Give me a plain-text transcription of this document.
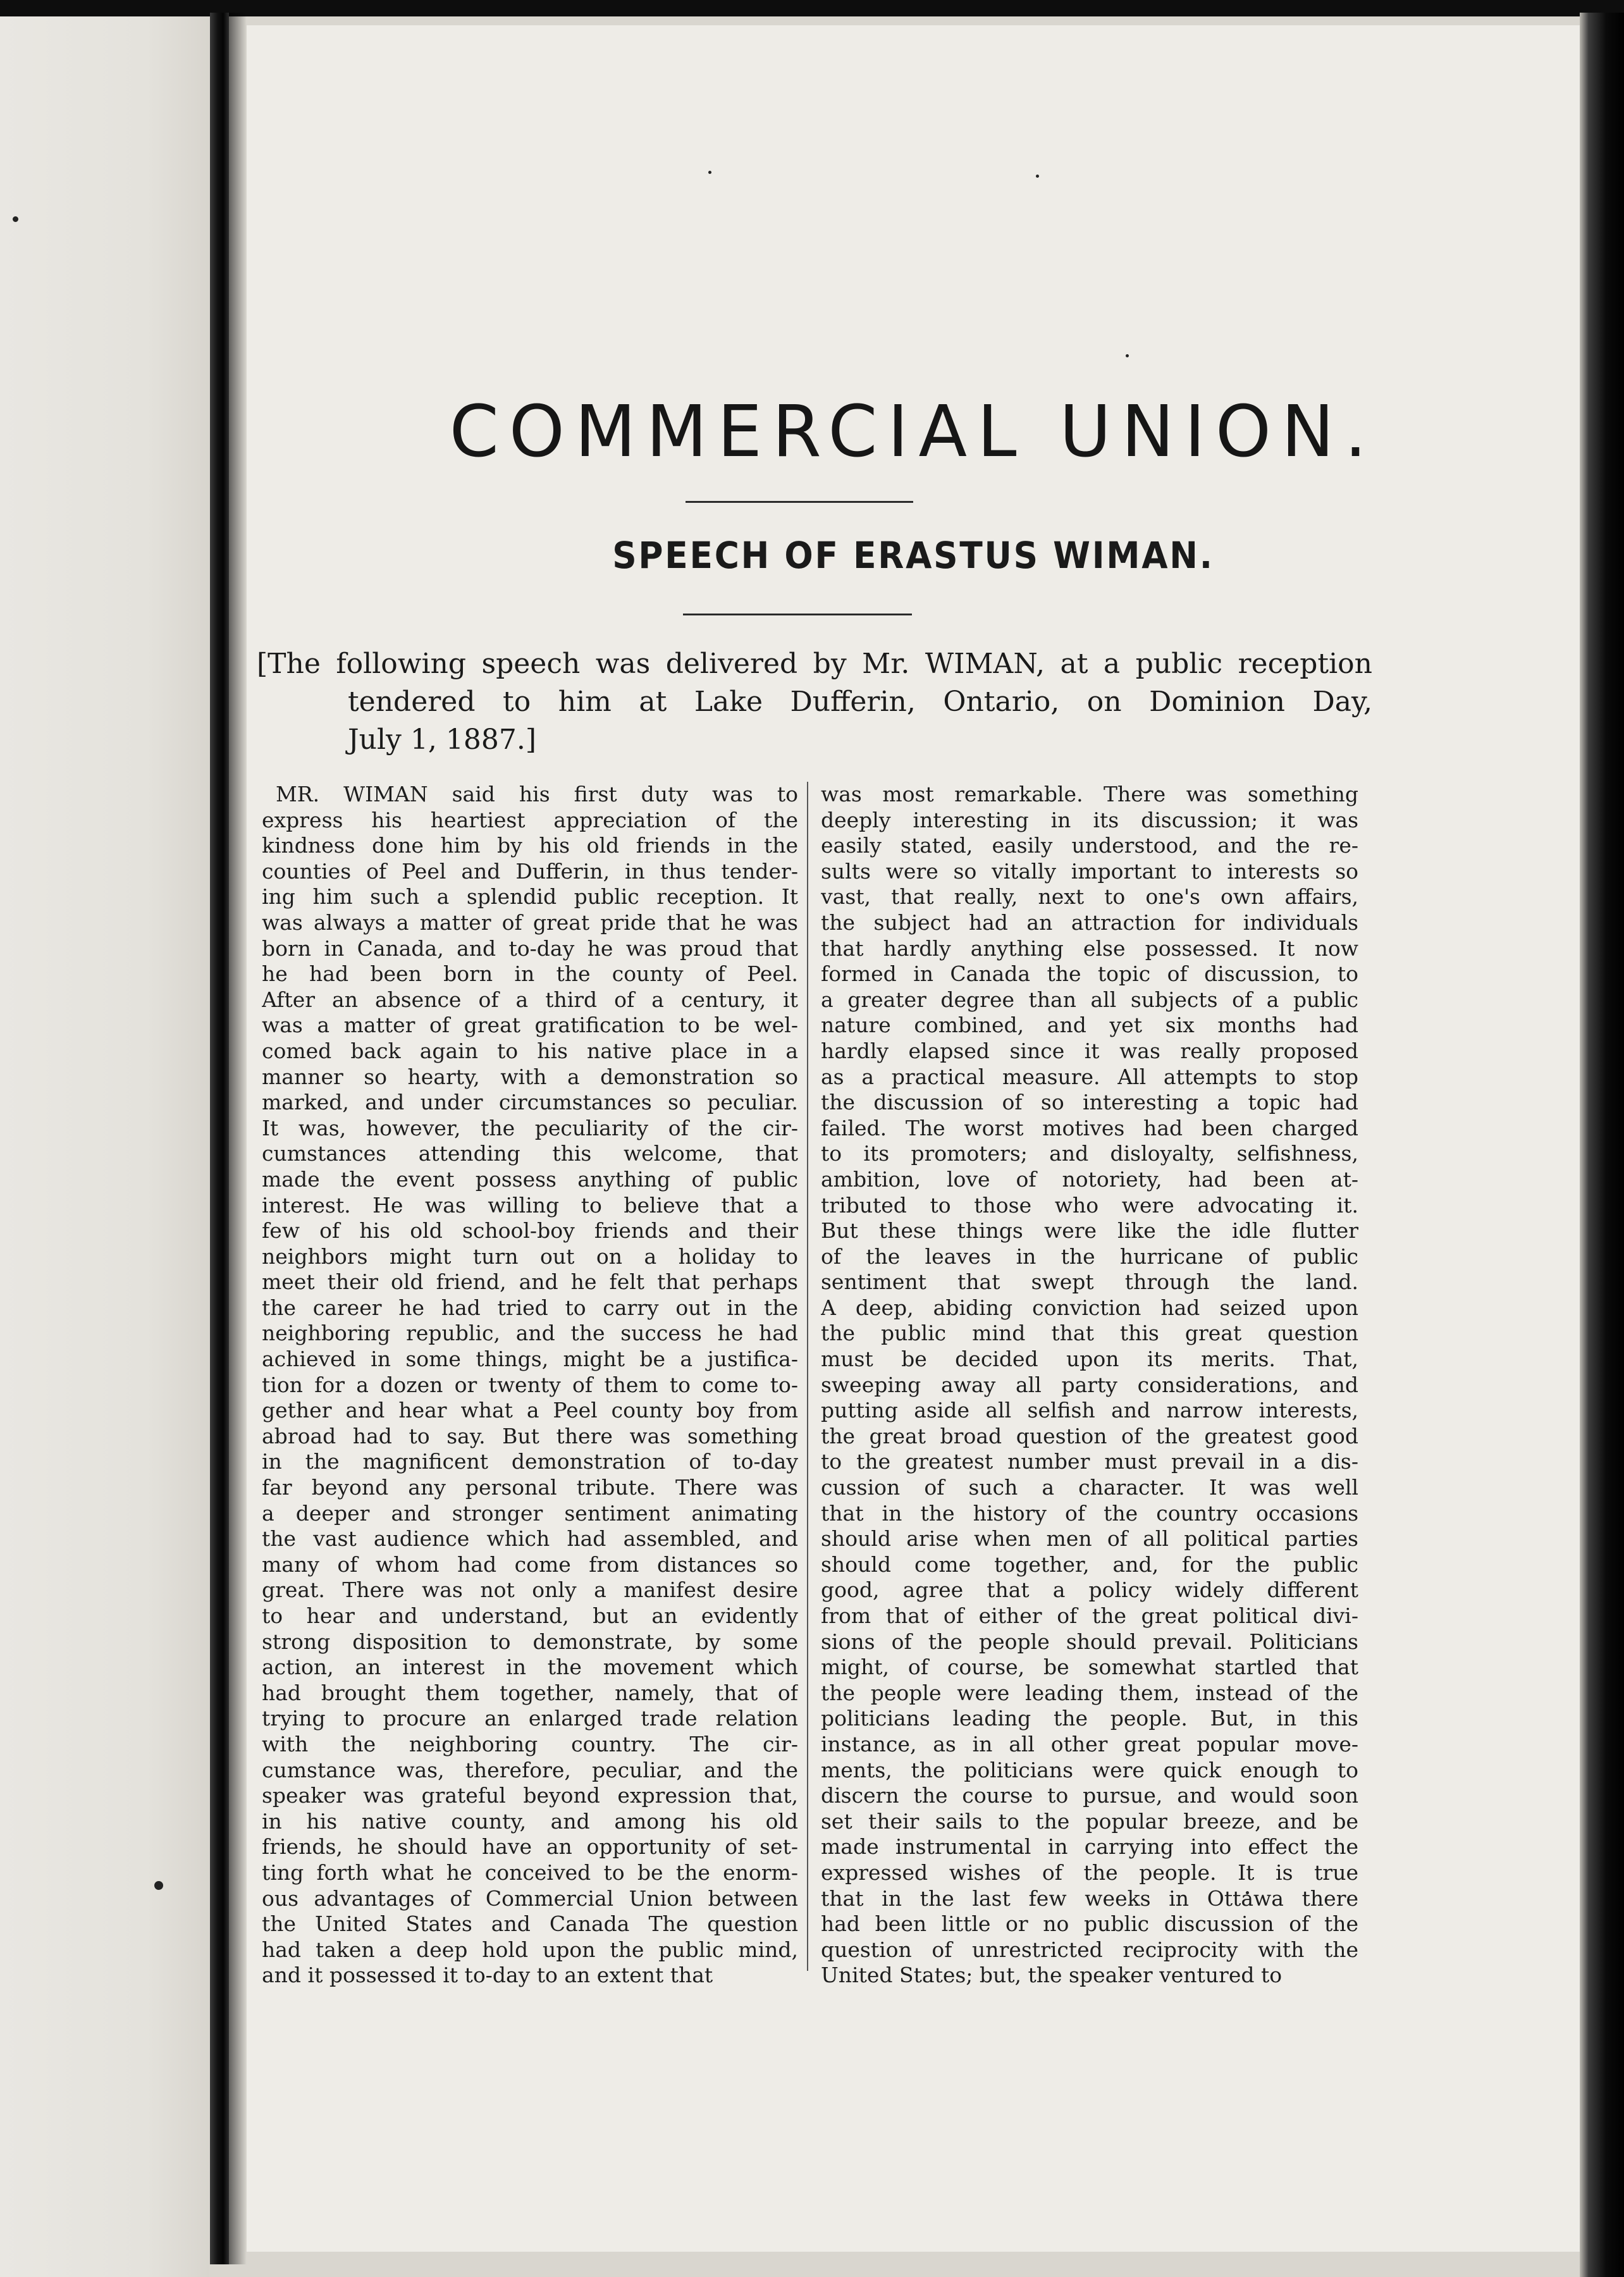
COMMERCIAL UNION.
SPEECH OF ERASTUS WIMAN.
[The following speech was delivered by Mr. WIMAN, at a public reception
tendered to him at Lake Dufferin, Ontario, on Dominion Day,
July 1, 1887.]
MR. WIMAN said his first duty was to
express his heartiest appreciation of the
kindness done him by his old friends in the
counties of Peel and Dufferin, in thus tender-
ing him such a splendid public reception. It
was always a matter of great pride that he was
born in Canada, and to-day he was proud that
he had been born in the county of Peel.
After an absence of a third of a century, it
was a matter of great gratification to be wel-
comed back again to his native place in a
manner so hearty, with a demonstration so
marked, and under circumstances so peculiar.
It was, however, the peculiarity of the cir-
cumstances attending this welcome, that
made the event possess anything of public
interest. He was willing to believe that a
few of his old school-boy friends and their
neighbors might turn out on a holiday to
meet their old friend, and he felt that perhaps
the career he had tried to carry out in the
neighboring republic, and the success he had
achieved in some things, might be a justifica-
tion for a dozen or twenty of them to come to-
gether and hear what a Peel county boy from
abroad had to say. But there was something
in the magnificent demonstration of to-day
far beyond any personal tribute. There was
a deeper and stronger sentiment animating
the vast audience which had assembled, and
many of whom had come from distances so
great. There was not only a manifest desire
to hear and understand, but an evidently
strong disposition to demonstrate, by some
action, an interest in the movement which
had brought them together, namely, that of
trying to procure an enlarged trade relation
with the neighboring country. The cir-
cumstance was, therefore, peculiar, and the
speaker was grateful beyond expression that,
in his native county, and among his old
friends, he should have an opportunity of set-
ting forth what he conceived to be the enorm-
ous advantages of Commercial Union between
the United States and Canada The question
had taken a deep hold upon the public mind,
and it possessed it to-day to an extent that
was most remarkable. There was something
deeply interesting in its discussion; it was
easily stated, easily understood, and the re-
sults were so vitally important to interests so
vast, that really, next to one's own affairs,
the subject had an attraction for individuals
that hardly anything else possessed. It now
formed in Canada the topic of discussion, to
a greater degree than all subjects of a public
nature combined, and yet six months had
hardly elapsed since it was really proposed
as a practical measure. All attempts to stop
the discussion of so interesting a topic had
failed. The worst motives had been charged
to its promoters; and disloyalty, selfishness,
ambition, love of notoriety, had been at-
tributed to those who were advocating it.
But these things were like the idle flutter
of the leaves in the hurricane of public
sentiment that swept through the land.
A deep, abiding conviction had seized upon
the public mind that this great question
must be decided upon its merits. That,
sweeping away all party considerations, and
putting aside all selfish and narrow interests,
the great broad question of the greatest good
to the greatest number must prevail in a dis-
cussion of such a character. It was well
that in the history of the country occasions
should arise when men of all political parties
should come together, and, for the public
good, agree that a policy widely different
from that of either of the great political divi-
sions of the people should prevail. Politicians
might, of course, be somewhat startled that
the people were leading them, instead of the
politicians leading the people. But, in this
instance, as in all other great popular move-
ments, the politicians were quick enough to
discern the course to pursue, and would soon
set their sails to the popular breeze, and be
made instrumental in carrying into effect the
expressed wishes of the people. It is true
that in the last few weeks in Ottawa there
had been little or no public discussion of the
question of unrestricted reciprocity with the
United States; but, the speaker ventured to
